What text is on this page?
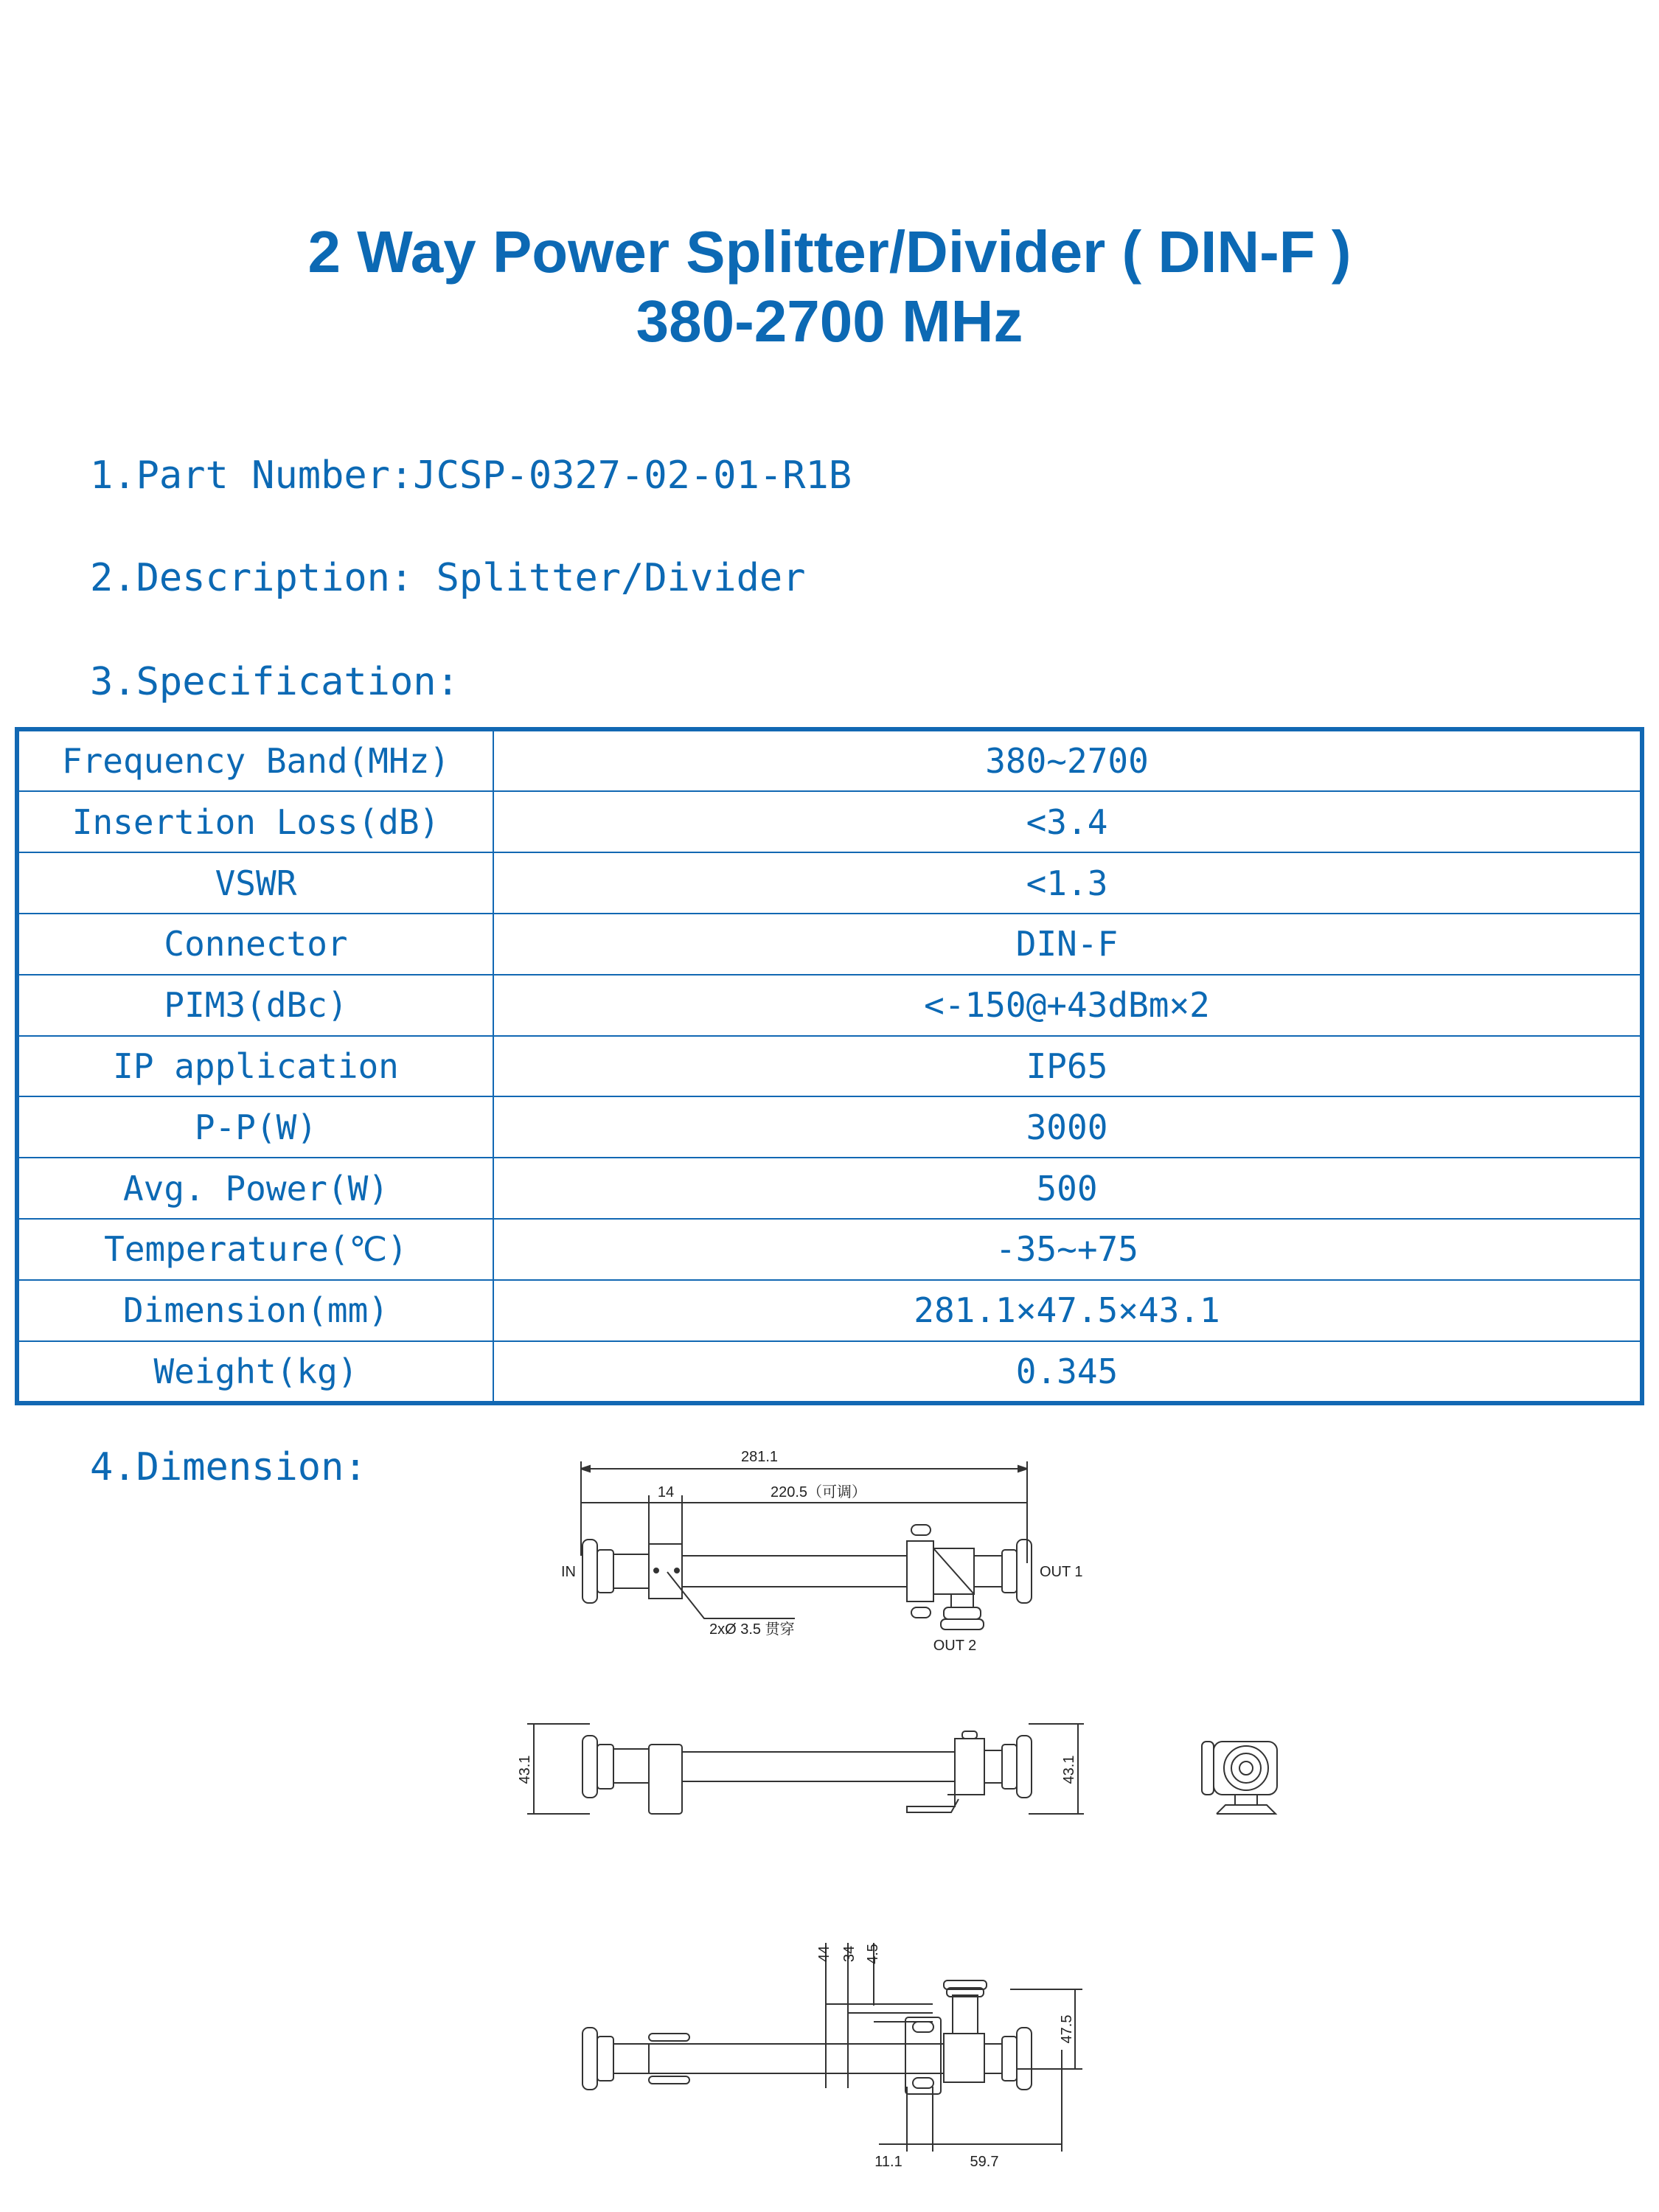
2 Way Power Splitter/Divider ( DIN-F )
380-2700 MHz
1.Part Number:JCSP-0327-02-01-R1B
2.Description: Splitter/Divider
3.Specification:
Frequency Band(MHz)	380~2700
Insertion Loss(dB)	<3.4
VSWR	<1.3
Connector	DIN-F
PIM3(dBc)	<-150@+43dBm×2
IP application	IP65
P-P(W)	3000
Avg. Power(W)	500
Temperature(℃)	-35~+75
Dimension(mm)	281.1×47.5×43.1
Weight(kg)	0.345
4.Dimension:	281.1
220.5（可调）
14
IN	OUT 1
OUT 2
2xØ 3.5 贯穿
43.1	43.1
44 34 4.5
47.5
11.1	59.7
